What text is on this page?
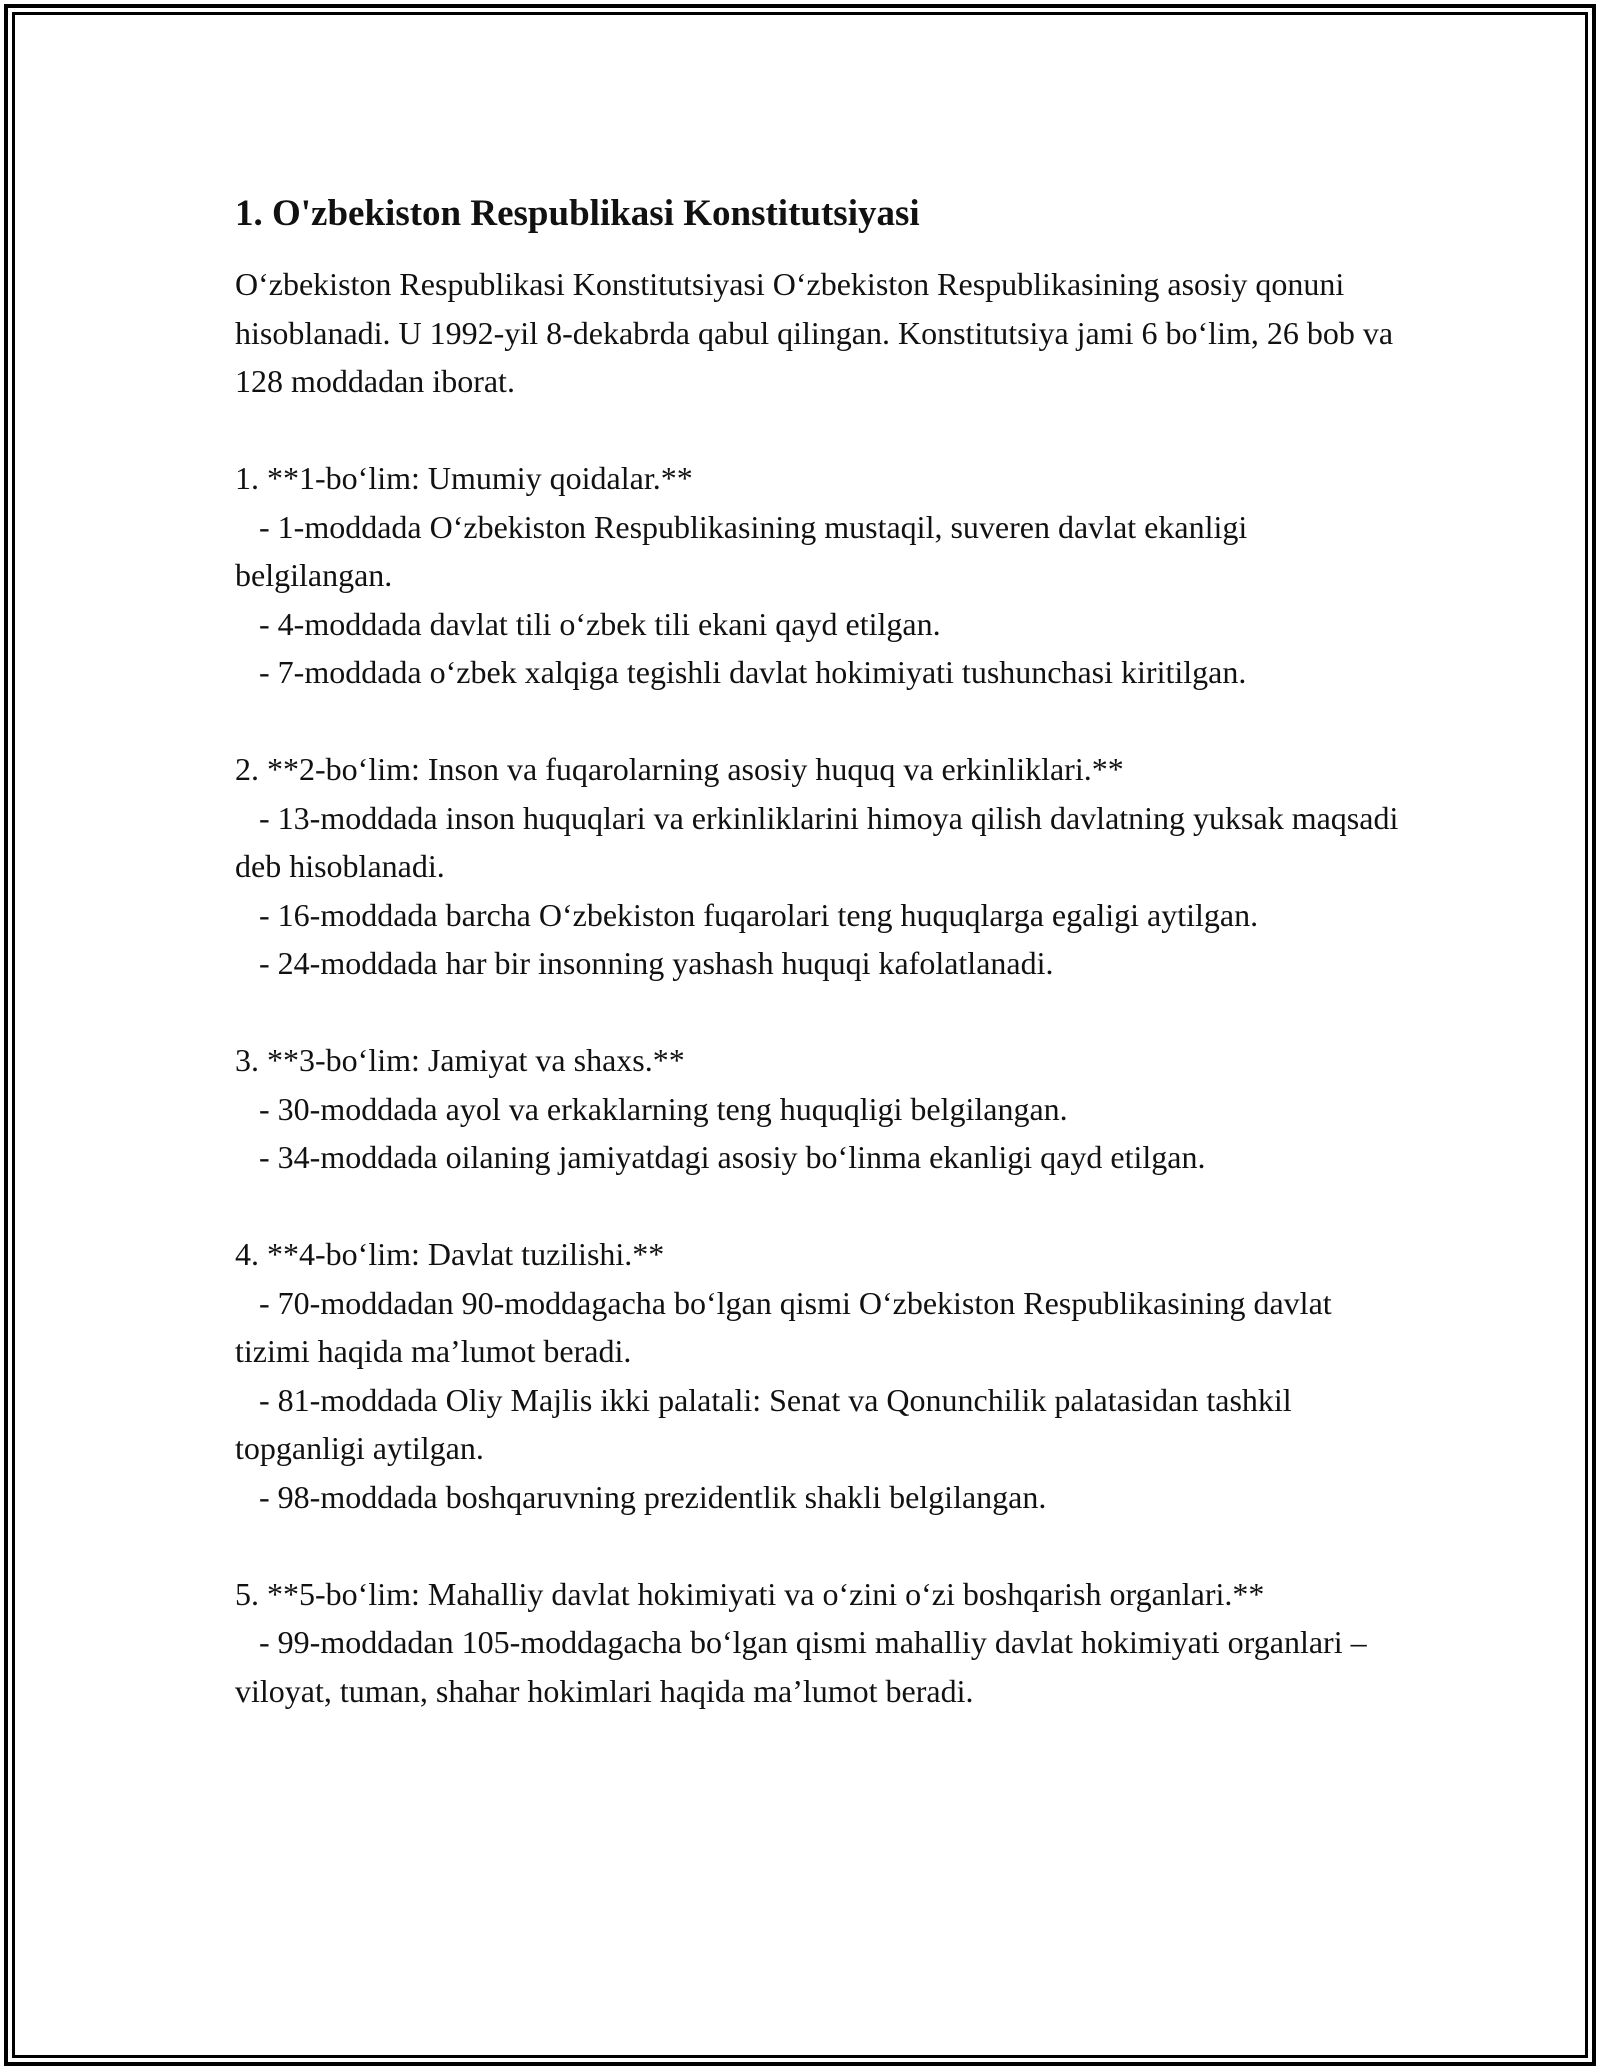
1. O'zbekiston Respublikasi Konstitutsiyasi

O‘zbekiston Respublikasi Konstitutsiyasi O‘zbekiston Respublikasining asosiy qonuni hisoblanadi. U 1992-yil 8-dekabrda qabul qilingan. Konstitutsiya jami 6 bo‘lim, 26 bob va 128 moddadan iborat.

1. **1-bo‘lim: Umumiy qoidalar.**

- 1-moddada O‘zbekiston Respublikasining mustaqil, suveren davlat ekanligi belgilangan.

- 4-moddada davlat tili o‘zbek tili ekani qayd etilgan.

- 7-moddada o‘zbek xalqiga tegishli davlat hokimiyati tushunchasi kiritilgan.

2. **2-bo‘lim: Inson va fuqarolarning asosiy huquq va erkinliklari.**

- 13-moddada inson huquqlari va erkinliklarini himoya qilish davlatning yuksak maqsadi deb hisoblanadi.

- 16-moddada barcha O‘zbekiston fuqarolari teng huquqlarga egaligi aytilgan.

- 24-moddada har bir insonning yashash huquqi kafolatlanadi.

3. **3-bo‘lim: Jamiyat va shaxs.**

- 30-moddada ayol va erkaklarning teng huquqligi belgilangan.

- 34-moddada oilaning jamiyatdagi asosiy bo‘linma ekanligi qayd etilgan.

4. **4-bo‘lim: Davlat tuzilishi.**

- 70-moddadan 90-moddagacha bo‘lgan qismi O‘zbekiston Respublikasining davlat tizimi haqida ma’lumot beradi.

- 81-moddada Oliy Majlis ikki palatali: Senat va Qonunchilik palatasidan tashkil topganligi aytilgan.

- 98-moddada boshqaruvning prezidentlik shakli belgilangan.

5. **5-bo‘lim: Mahalliy davlat hokimiyati va o‘zini o‘zi boshqarish organlari.**

- 99-moddadan 105-moddagacha bo‘lgan qismi mahalliy davlat hokimiyati organlari – viloyat, tuman, shahar hokimlari haqida ma’lumot beradi.
